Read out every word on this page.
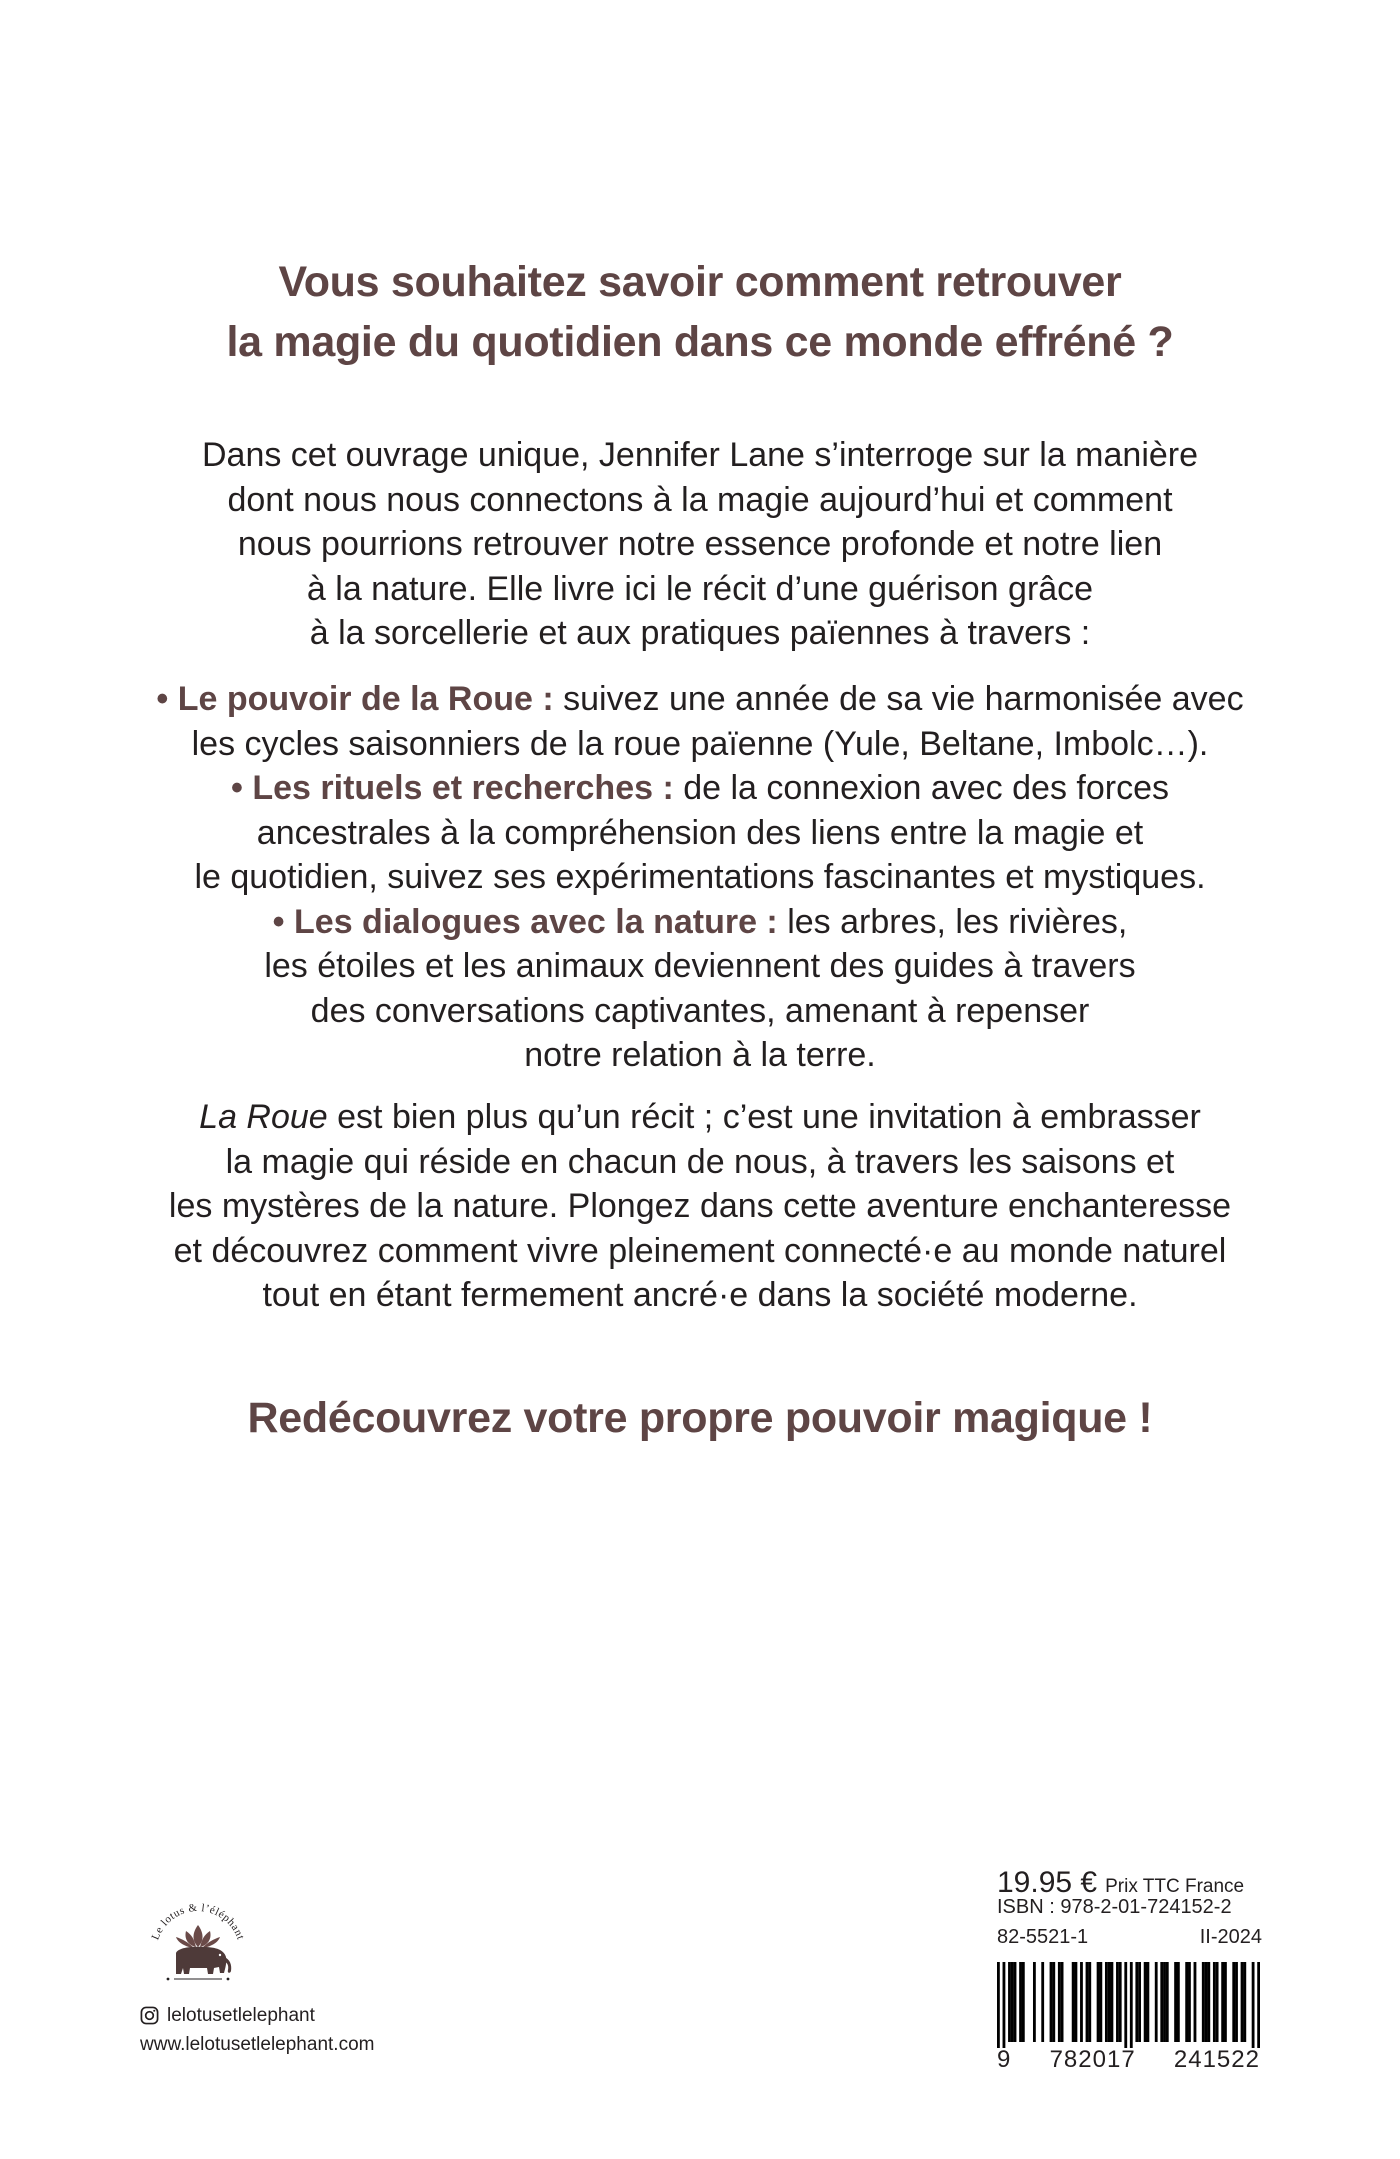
Vous souhaitez savoir comment retrouver
la magie du quotidien dans ce monde effréné ?
Dans cet ouvrage unique, Jennifer Lane s’interroge sur la manière
dont nous nous connectons à la magie aujourd’hui et comment
nous pourrions retrouver notre essence profonde et notre lien
à la nature. Elle livre ici le récit d’une guérison grâce
à la sorcellerie et aux pratiques païennes à travers :
• Le pouvoir de la Roue : suivez une année de sa vie harmonisée avec
les cycles saisonniers de la roue païenne (Yule, Beltane, Imbolc…).
• Les rituels et recherches : de la connexion avec des forces
ancestrales à la compréhension des liens entre la magie et
le quotidien, suivez ses expérimentations fascinantes et mystiques.
• Les dialogues avec la nature : les arbres, les rivières,
les étoiles et les animaux deviennent des guides à travers
des conversations captivantes, amenant à repenser
notre relation à la terre.
La Roue est bien plus qu’un récit ; c’est une invitation à embrasser
la magie qui réside en chacun de nous, à travers les saisons et
les mystères de la nature. Plongez dans cette aventure enchanteresse
et découvrez comment vivre pleinement connecté·e au monde naturel
tout en étant fermement ancré·e dans la société moderne.
Redécouvrez votre propre pouvoir magique !
Le lotus & l’éléphant
lelotusetlelephant
www.lelotusetlelephant.com
19.95 € Prix TTC France
ISBN : 978-2-01-724152-2
82-5521-1	II-2024
9 782017 241522
